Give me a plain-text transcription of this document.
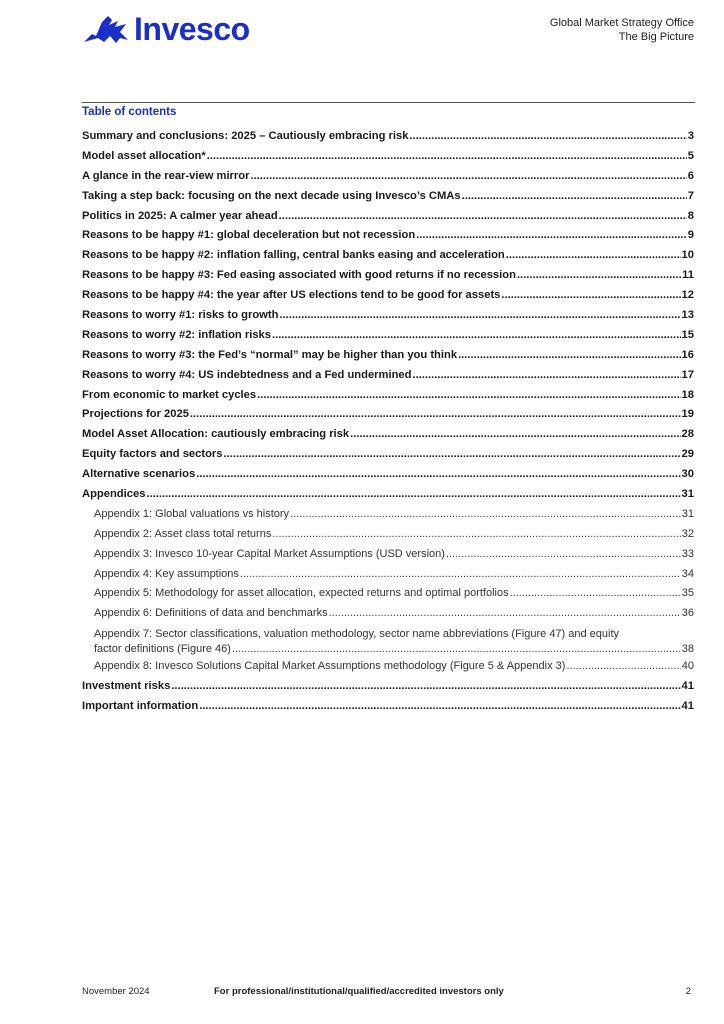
Invesco	Global Market Strategy Office
The Big Picture
Table of contents
Summary and conclusions: 2025 – Cautiously embracing risk .....	3
Model asset allocation* .....	5
A glance in the rear-view mirror .....	6
Taking a step back: focusing on the next decade using Invesco’s CMAs .....	7
Politics in 2025: A calmer year ahead .....	8
Reasons to be happy #1: global deceleration but not recession .....	9
Reasons to be happy #2: inflation falling, central banks easing and acceleration .....	10
Reasons to be happy #3: Fed easing associated with good returns if no recession .....	11
Reasons to be happy #4: the year after US elections tend to be good for assets .....	12
Reasons to worry #1: risks to growth .....	13
Reasons to worry #2: inflation risks .....	15
Reasons to worry #3: the Fed’s “normal” may be higher than you think .....	16
Reasons to worry #4: US indebtedness and a Fed undermined .....	17
From economic to market cycles .....	18
Projections for 2025 .....	19
Model Asset Allocation: cautiously embracing risk .....	28
Equity factors and sectors .....	29
Alternative scenarios .....	30
Appendices .....	31
Appendix 1: Global valuations vs history .....	31
Appendix 2: Asset class total returns .....	32
Appendix 3: Invesco 10-year Capital Market Assumptions (USD version) .....	33
Appendix 4: Key assumptions .....	34
Appendix 5: Methodology for asset allocation, expected returns and optimal portfolios .....	35
Appendix 6: Definitions of data and benchmarks .....	36
Appendix 7: Sector classifications, valuation methodology, sector name abbreviations (Figure 47) and equity
factor definitions (Figure 46) .....	38
Appendix 8: Invesco Solutions Capital Market Assumptions methodology (Figure 5 & Appendix 3) .....	40
Investment risks .....	41
Important information .....	41
November 2024	For professional/institutional/qualified/accredited investors only	2
